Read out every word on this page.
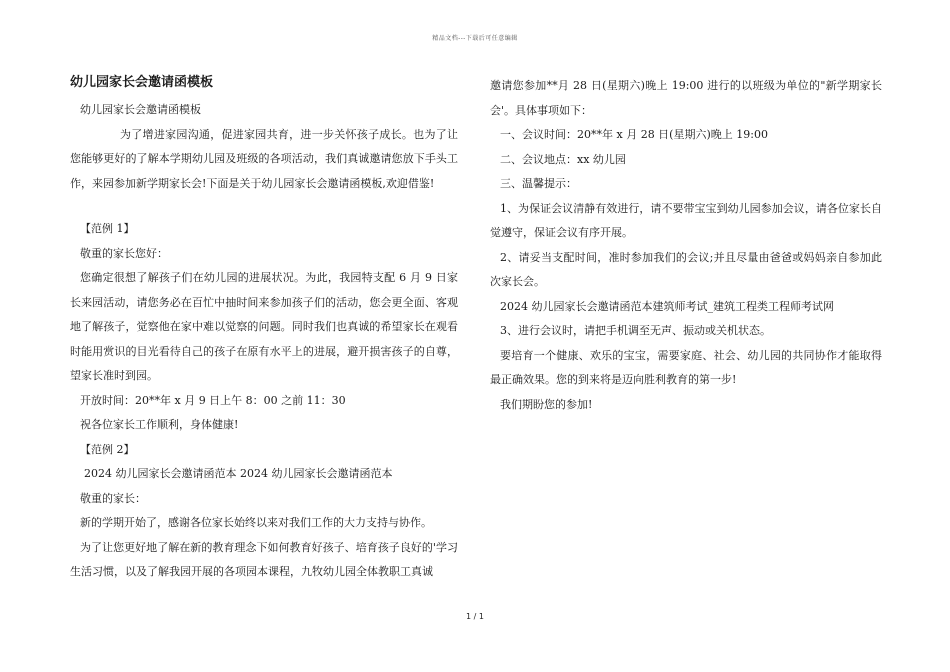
精品文档---下载后可任意编辑
幼儿园家长会邀请函模板

幼儿园家长会邀请函模板

为了增进家园沟通，促进家园共育，进一步关怀孩子成长。也为了让您能够更好的了解本学期幼儿园及班级的各项活动，我们真诚邀请您放下手头工作，来园参加新学期家长会!下面是关于幼儿园家长会邀请函模板,欢迎借鉴!

【范例 1】

敬重的家长您好：

您确定很想了解孩子们在幼儿园的进展状况。为此，我园特支配 6 月 9 日家长来园活动，请您务必在百忙中抽时间来参加孩子们的活动，您会更全面、客观地了解孩子，觉察他在家中难以觉察的问题。同时我们也真诚的希望家长在观看时能用赏识的目光看待自己的孩子在原有水平上的进展，避开损害孩子的自尊，望家长准时到园。

开放时间：20**年 x 月 9 日上午 8：00 之前 11：30

祝各位家长工作顺利，身体健康!

【范例 2】

2024 幼儿园家长会邀请函范本 2024 幼儿园家长会邀请函范本

敬重的家长：

新的学期开始了，感谢各位家长始终以来对我们工作的大力支持与协作。

为了让您更好地了解在新的教育理念下如何教育好孩子、培育孩子良好的'学习生活习惯，以及了解我园开展的各项园本课程，九牧幼儿园全体教职工真诚

邀请您参加**月 28 日(星期六)晚上 19:00 进行的以班级为单位的"新学期家长会'。具体事项如下：

一、会议时间：20**年 x 月 28 日(星期六)晚上 19:00

二、会议地点：xx 幼儿园

三、温馨提示：

1、为保证会议清静有效进行，请不要带宝宝到幼儿园参加会议，请各位家长自觉遵守，保证会议有序开展。

2、请妥当支配时间，准时参加我们的会议;并且尽量由爸爸或妈妈亲自参加此次家长会。

2024 幼儿园家长会邀请函范本建筑师考试_建筑工程类工程师考试网

3、进行会议时，请把手机调至无声、振动或关机状态。

要培育一个健康、欢乐的宝宝，需要家庭、社会、幼儿园的共同协作才能取得最正确效果。您的到来将是迈向胜利教育的第一步!

我们期盼您的参加!

1 / 1
